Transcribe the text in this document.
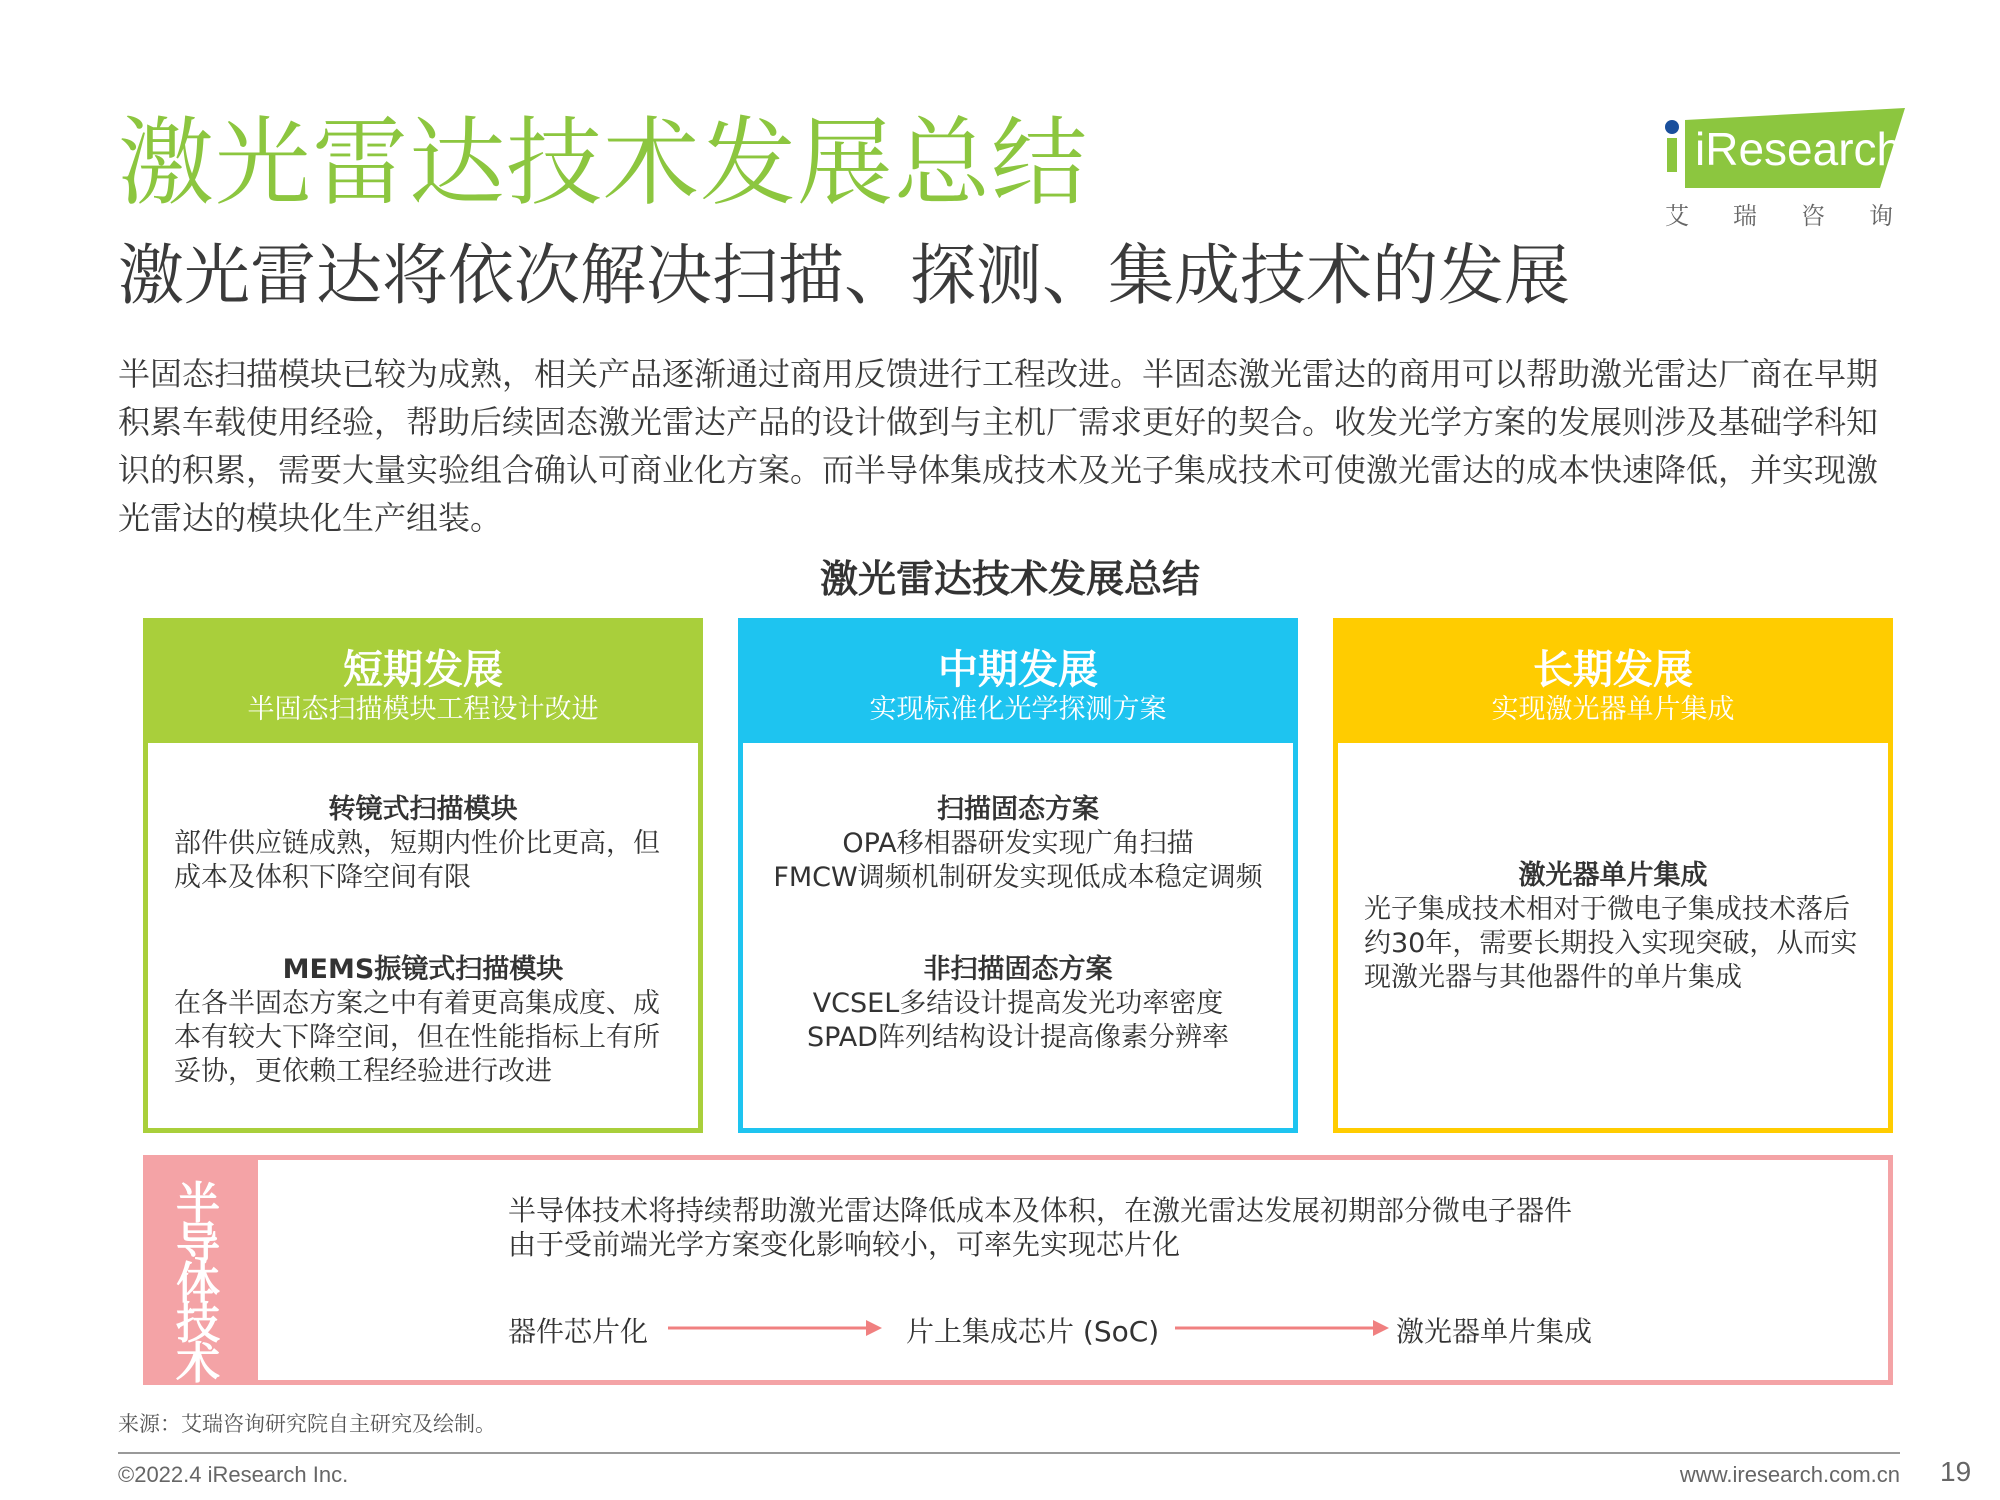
激光雷达技术发展总结
激光雷达将依次解决扫描、探测、集成技术的发展
iResearch
艾瑞咨询
半固态扫描模块已较为成熟，相关产品逐渐通过商用反馈进行工程改进。半固态激光雷达的商用可以帮助激光雷达厂商在早期积累车载使用经验，帮助后续固态激光雷达产品的设计做到与主机厂需求更好的契合。收发光学方案的发展则涉及基础学科知识的积累，需要大量实验组合确认可商业化方案。而半导体集成技术及光子集成技术可使激光雷达的成本快速降低，并实现激光雷达的模块化生产组装。
激光雷达技术发展总结
短期发展
半固态扫描模块工程设计改进
转镜式扫描模块
部件供应链成熟，短期内性价比更高，但成本及体积下降空间有限
MEMS振镜式扫描模块
在各半固态方案之中有着更高集成度、成本有较大下降空间，但在性能指标上有所妥协，更依赖工程经验进行改进
中期发展
实现标准化光学探测方案
扫描固态方案
OPA移相器研发实现广角扫描
FMCW调频机制研发实现低成本稳定调频
非扫描固态方案
VCSEL多结设计提高发光功率密度
SPAD阵列结构设计提高像素分辨率
长期发展
实现激光器单片集成
激光器单片集成
光子集成技术相对于微电子集成技术落后约30年，需要长期投入实现突破，从而实现激光器与其他器件的单片集成
半导体技术
半导体技术将持续帮助激光雷达降低成本及体积，在激光雷达发展初期部分微电子器件
由于受前端光学方案变化影响较小，可率先实现芯片化
器件芯片化	片上集成芯片 (SoC)	激光器单片集成
来源：艾瑞咨询研究院自主研究及绘制。
©2022.4 iResearch Inc.	www.iresearch.com.cn 19
